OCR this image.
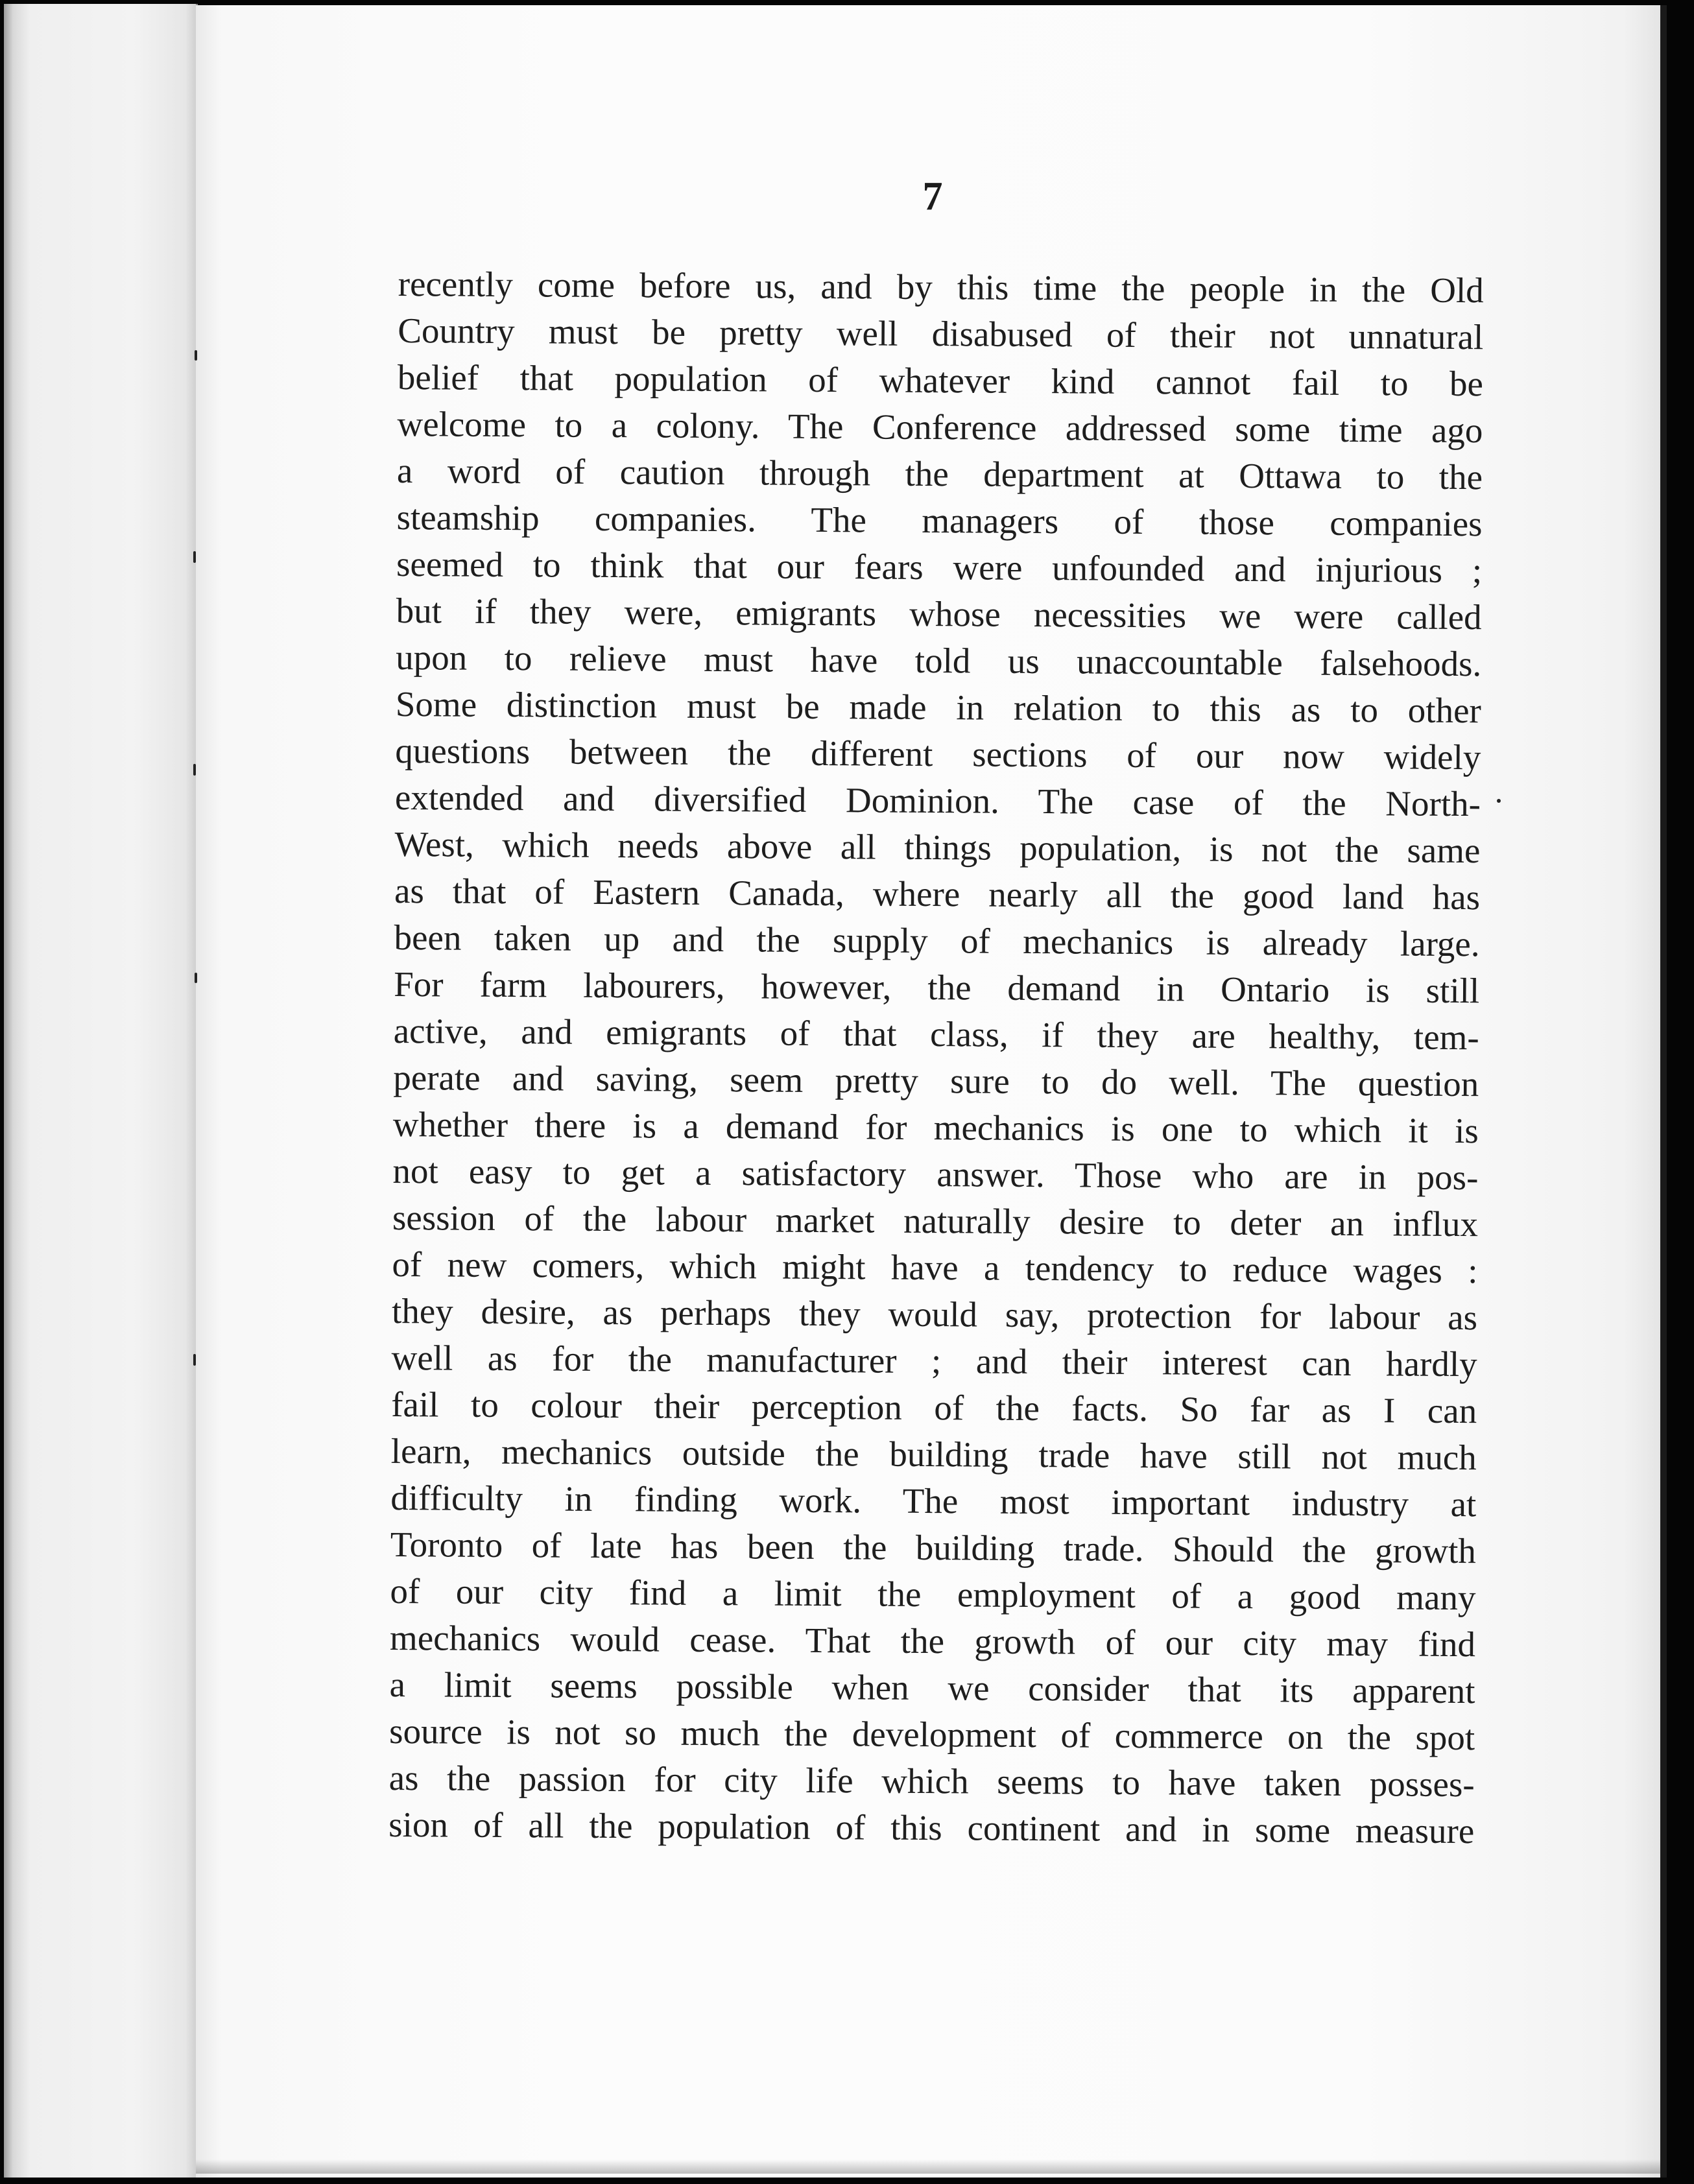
7
recently come before us, and by this time the people in the Old
Country must be pretty well disabused of their not unnatural
belief that population of whatever kind cannot fail to be
welcome to a colony. The Conference addressed some time ago
a word of caution through the department at Ottawa to the
steamship companies. The managers of those companies
seemed to think that our fears were unfounded and injurious ;
but if they were, emigrants whose necessities we were called
upon to relieve must have told us unaccountable falsehoods.
Some distinction must be made in relation to this as to other
questions between the different sections of our now widely
extended and diversified Dominion. The case of the North-
West, which needs above all things population, is not the same
as that of Eastern Canada, where nearly all the good land has
been taken up and the supply of mechanics is already large.
For farm labourers, however, the demand in Ontario is still
active, and emigrants of that class, if they are healthy, tem-
perate and saving, seem pretty sure to do well. The question
whether there is a demand for mechanics is one to which it is
not easy to get a satisfactory answer. Those who are in pos-
session of the labour market naturally desire to deter an influx
of new comers, which might have a tendency to reduce wages :
they desire, as perhaps they would say, protection for labour as
well as for the manufacturer ; and their interest can hardly
fail to colour their perception of the facts. So far as I can
learn, mechanics outside the building trade have still not much
difficulty in finding work. The most important industry at
Toronto of late has been the building trade. Should the growth
of our city find a limit the employment of a good many
mechanics would cease. That the growth of our city may find
a limit seems possible when we consider that its apparent
source is not so much the development of commerce on the spot
as the passion for city life which seems to have taken posses-
sion of all the population of this continent and in some measure
